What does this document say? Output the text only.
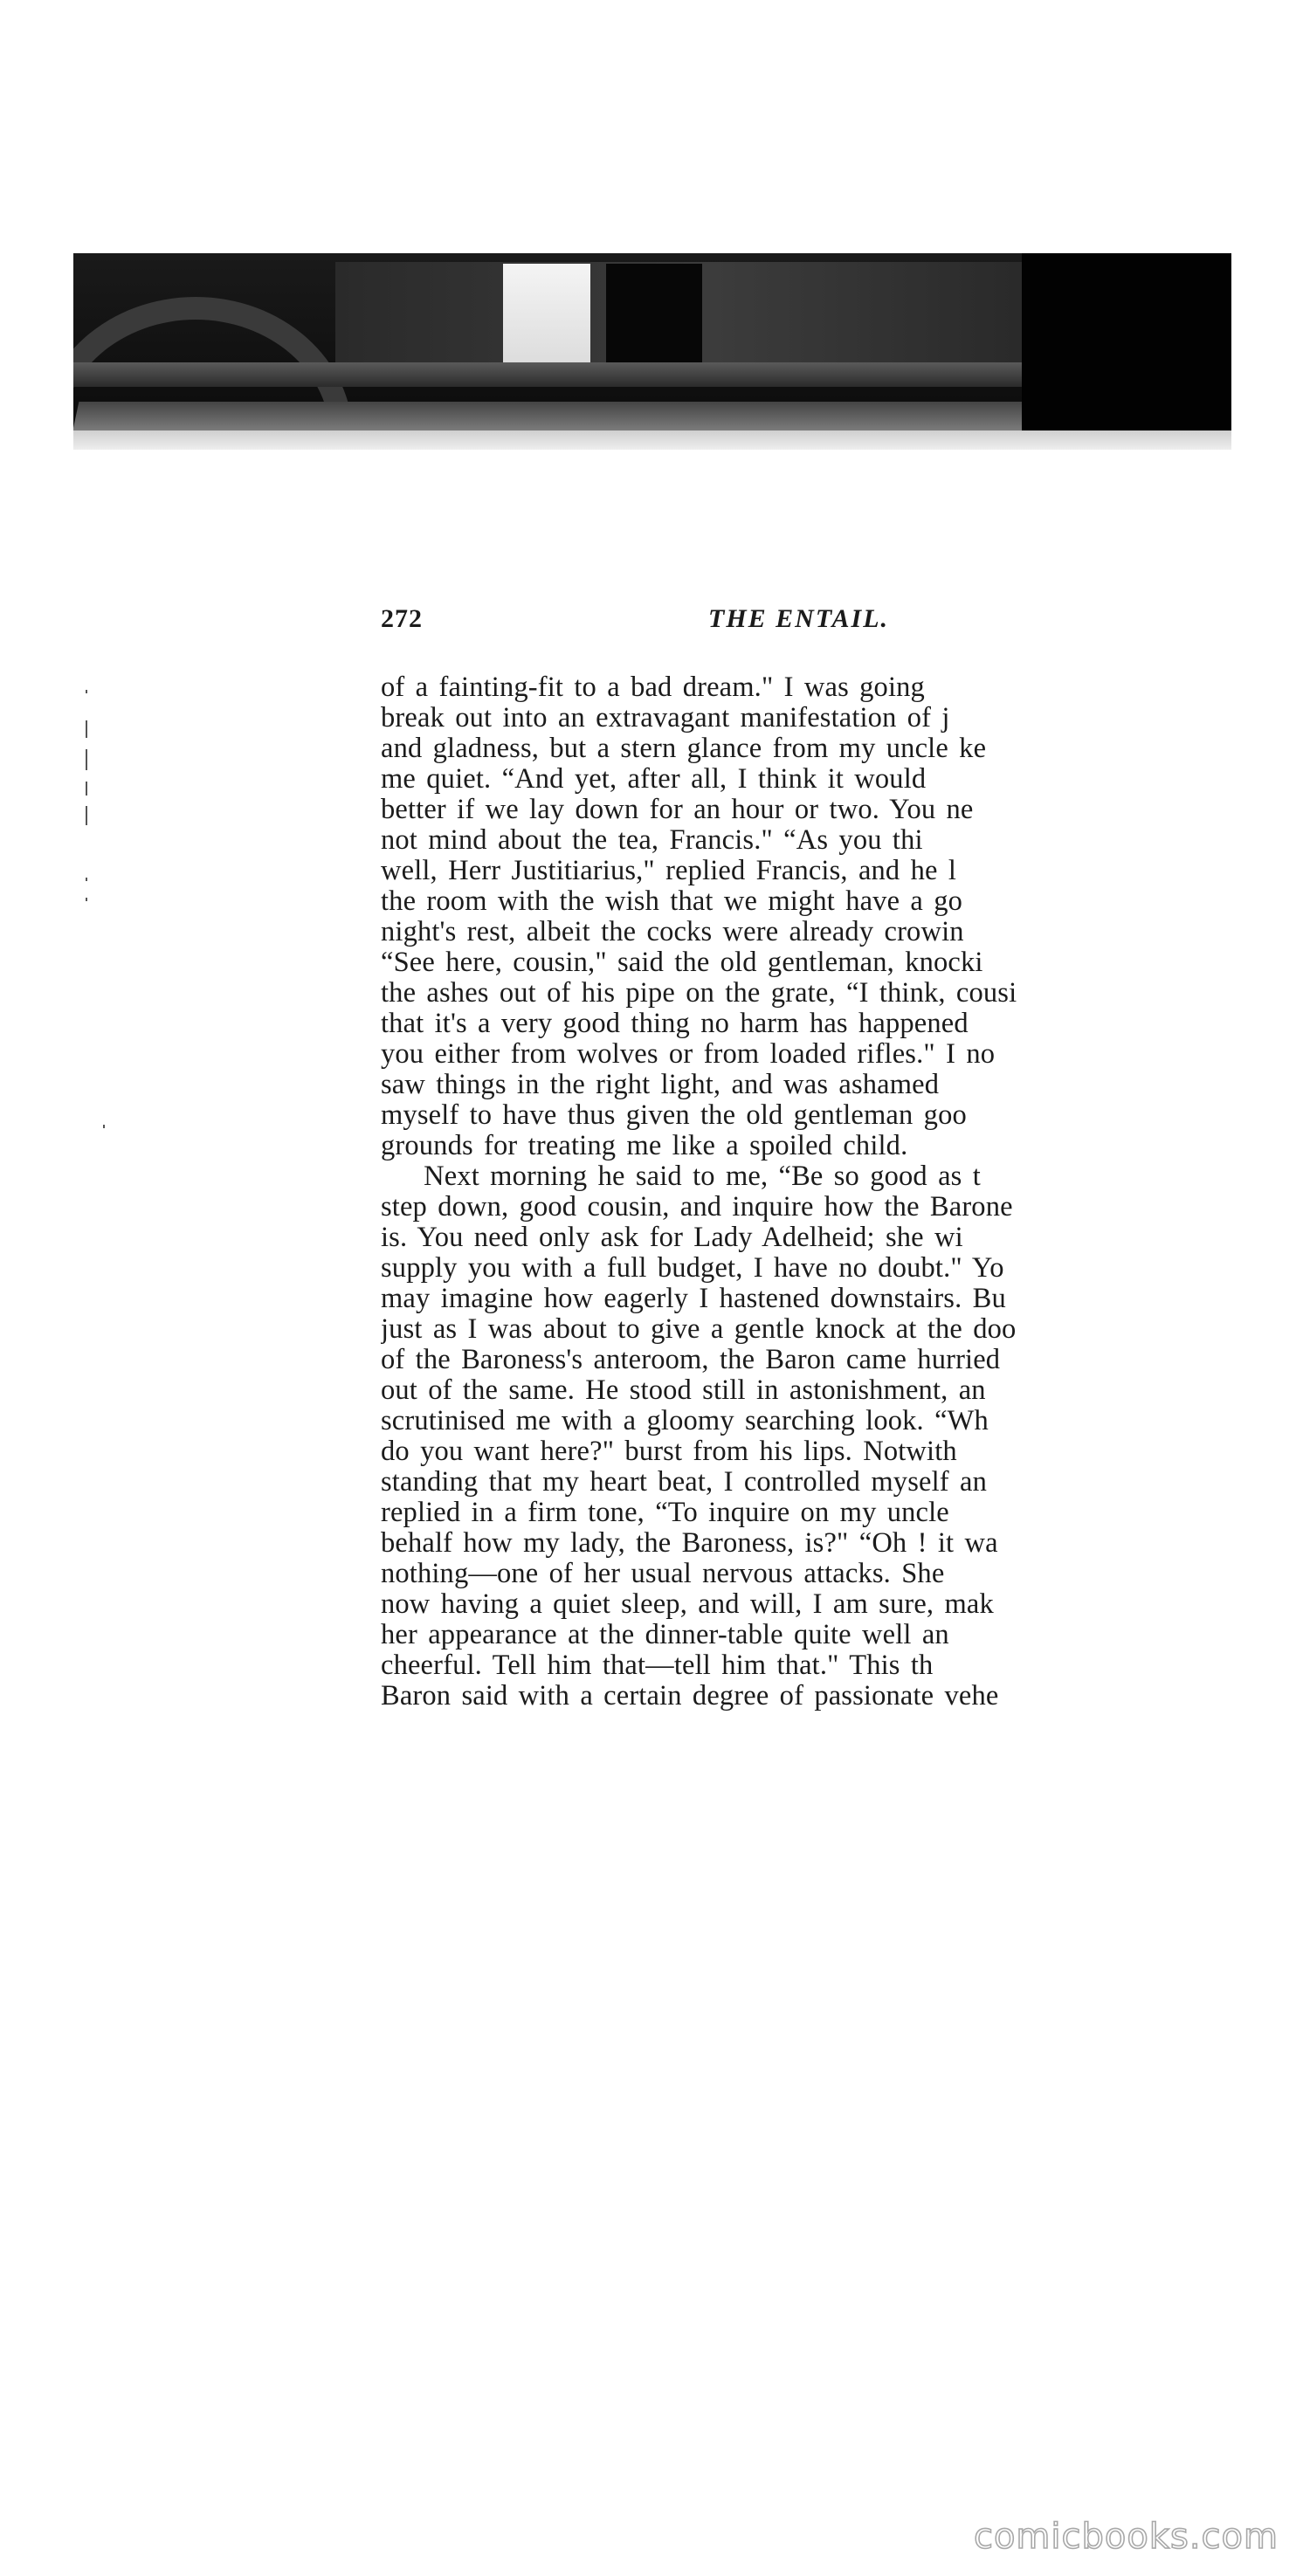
272	THE ENTAIL.
of a fainting-fit to a bad dream." I was going
break out into an extravagant manifestation of j
and gladness, but a stern glance from my uncle ke
me quiet. “And yet, after all, I think it would
better if we lay down for an hour or two. You ne
not mind about the tea, Francis." “As you thi
well, Herr Justitiarius," replied Francis, and he l
the room with the wish that we might have a go
night's rest, albeit the cocks were already crowin
“See here, cousin," said the old gentleman, knocki
the ashes out of his pipe on the grate, “I think, cousi
that it's a very good thing no harm has happened
you either from wolves or from loaded rifles." I no
saw things in the right light, and was ashamed
myself to have thus given the old gentleman goo
grounds for treating me like a spoiled child.
Next morning he said to me, “Be so good as t
step down, good cousin, and inquire how the Barone
is. You need only ask for Lady Adelheid; she wi
supply you with a full budget, I have no doubt." Yo
may imagine how eagerly I hastened downstairs. Bu
just as I was about to give a gentle knock at the doo
of the Baroness's anteroom, the Baron came hurried
out of the same. He stood still in astonishment, an
scrutinised me with a gloomy searching look. “Wh
do you want here?" burst from his lips. Notwith
standing that my heart beat, I controlled myself an
replied in a firm tone, “To inquire on my uncle
behalf how my lady, the Baroness, is?" “Oh ! it wa
nothing—one of her usual nervous attacks. She
now having a quiet sleep, and will, I am sure, mak
her appearance at the dinner-table quite well an
cheerful. Tell him that—tell him that." This th
Baron said with a certain degree of passionate vehe
comicbooks.com
